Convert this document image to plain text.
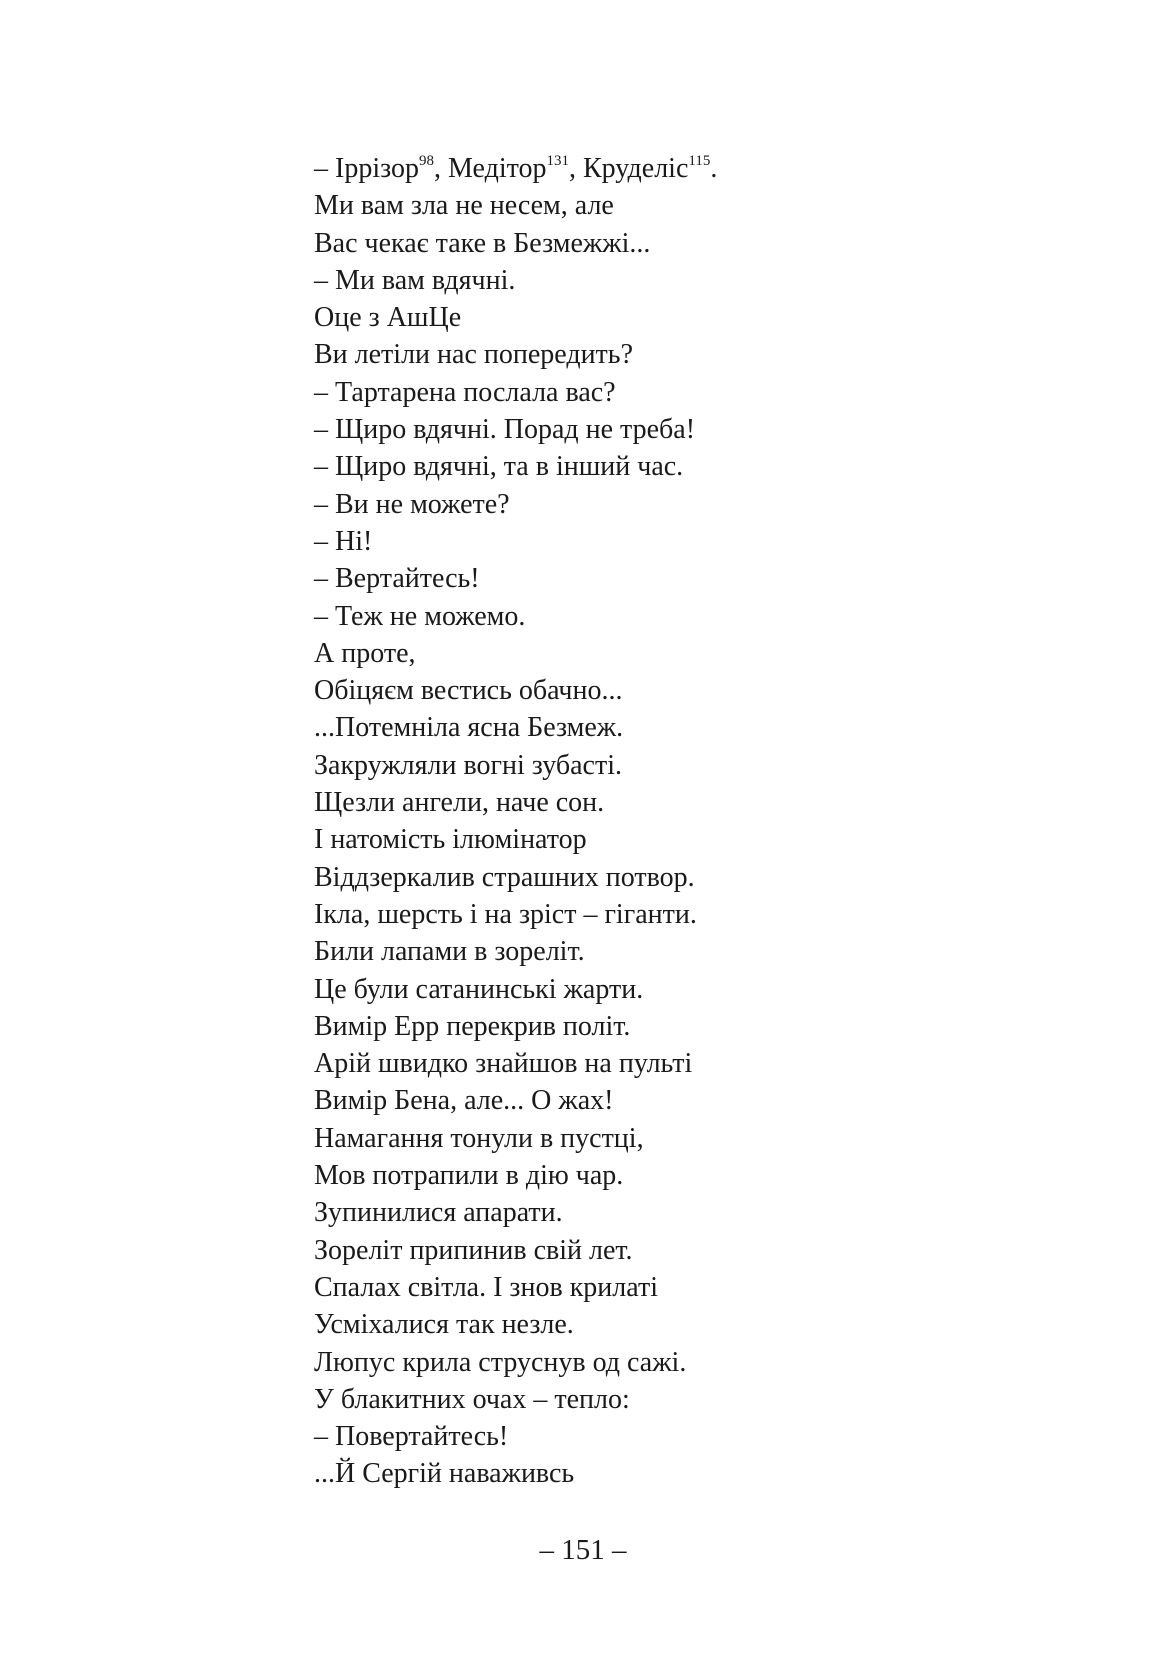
– Іррізор$^{98}$, Медітор$^{131}$, Круделіс$^{115}$.
Ми вам зла не несем, але
Вас чекає таке в Безмежжі...
– Ми вам вдячні.
Оце з АшЦе
Ви летіли нас попередить?
– Тартарена послала вас?
– Щиро вдячні. Порад не треба!
– Щиро вдячні, та в інший час.
– Ви не можете?
– Ні!
– Вертайтесь!
– Теж не можемо.
А проте,
Обіцяєм вестись обачно...
...Потемніла ясна Безмеж.
Закружляли вогні зубасті.
Щезли ангели, наче сон.
І натомість ілюмінатор
Віддзеркалив страшних потвор.
Ікла, шерсть і на зріст – гіганти.
Били лапами в зореліт.
Це були сатанинські жарти.
Вимір Ерр перекрив політ.
Арій швидко знайшов на пульті
Вимір Бена, але... О жах!
Намагання тонули в пустці,
Мов потрапили в дію чар.
Зупинилися апарати.
Зореліт припинив свій лет.
Спалах світла. І знов крилаті
Усміхалися так незле.
Люпус крила струснув од сажі.
У блакитних очах – тепло:
– Повертайтесь!
...Й Сергій наваживсь
– 151 –
